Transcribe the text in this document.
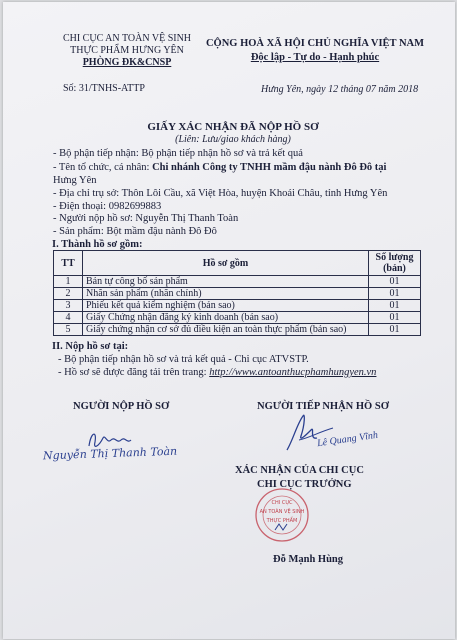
CHI CỤC AN TOÀN VỆ SINH
THỰC PHẨM HƯNG YÊN
PHÒNG ĐK&CNSP
CỘNG HOÀ XÃ HỘI CHỦ NGHĨA VIỆT NAM
Độc lập - Tự do - Hạnh phúc
Số: 31/TNHS-ATTP	Hưng Yên, ngày 12 tháng 07 năm 2018
GIẤY XÁC NHẬN ĐÃ NỘP HỒ SƠ
(Liên: Lưu/giao khách hàng)
- Bộ phận tiếp nhận: Bộ phận tiếp nhận hồ sơ và trả kết quả
- Tên tổ chức, cá nhân: Chi nhánh Công ty TNHH mầm đậu nành Đô Đô tại
Hưng Yên
- Địa chỉ trụ sở: Thôn Lôi Cầu, xã Việt Hòa, huyện Khoái Châu, tỉnh Hưng Yên
- Điện thoại: 0982699883
- Người nộp hồ sơ: Nguyễn Thị Thanh Toàn
- Sản phẩm: Bột mầm đậu nành Đô Đô
I. Thành hồ sơ gồm:
TT	Hồ sơ gồm	Số lượng (bản)
1	Bản tự công bố sản phẩm	01
2	Nhãn sản phẩm (nhãn chính)	01
3	Phiếu kết quả kiểm nghiệm (bản sao)	01
4	Giấy Chứng nhận đăng ký kinh doanh (bản sao)	01
5	Giấy chứng nhận cơ sở đủ điều kiện an toàn thực phẩm (bản sao)	01
II. Nộp hồ sơ tại:
- Bộ phận tiếp nhận hồ sơ và trả kết quả - Chi cục ATVSTP.
- Hồ sơ sẽ được đăng tải trên trang: http://www.antoanthucphamhungyen.vn
NGƯỜI NỘP HỒ SƠ	NGƯỜI TIẾP NHẬN HỒ SƠ
Nguyễn Thị Thanh Toàn
Lê Quang Vĩnh
XÁC NHẬN CỦA CHI CỤC
CHI CỤC TRƯỞNG
CHI CỤC
AN TOÀN VỆ SINH
THỰC PHẨM
Đỗ Mạnh Hùng
